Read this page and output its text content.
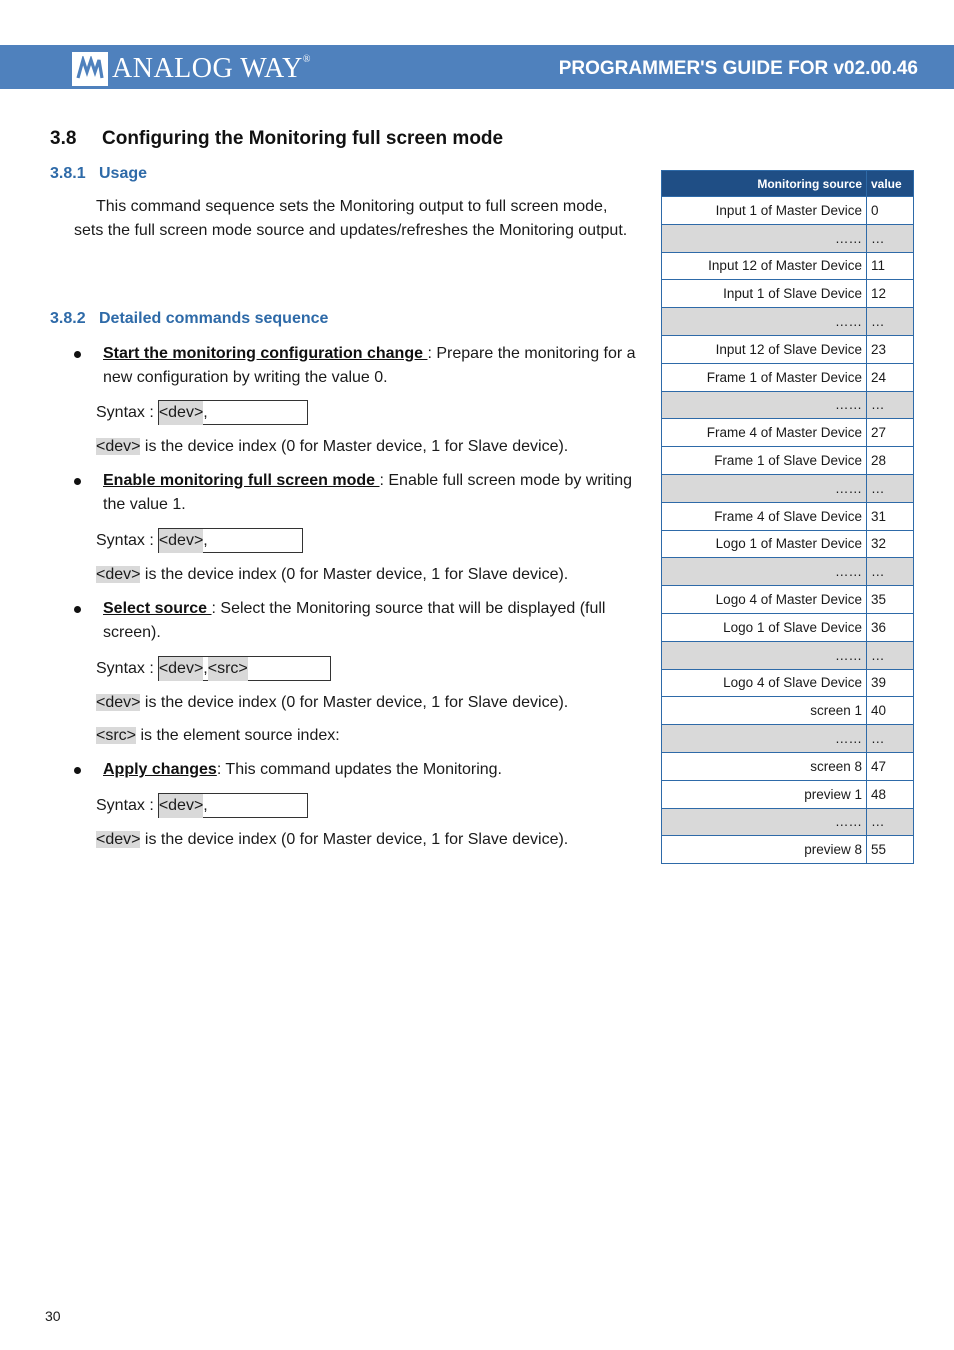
ANALOG WAY®	PROGRAMMER'S GUIDE FOR v02.00.46
3.8 Configuring the Monitoring full screen mode
3.8.1 Usage
This command sequence sets the Monitoring output to full screen mode, sets the full screen mode source and updates/refreshes the Monitoring output.
3.8.2 Detailed commands sequence
Start the monitoring configuration change : Prepare the monitoring for a new configuration by writing the value 0.
Syntax : <dev> ,
<dev> is the device index (0 for Master device, 1 for Slave device).
Enable monitoring full screen mode : Enable full screen mode by writing the value 1.
Syntax : <dev> ,
<dev> is the device index (0 for Master device, 1 for Slave device).
Select source : Select the Monitoring source that will be displayed (full screen).
Syntax : <dev> , <src>
<dev> is the device index (0 for Master device, 1 for Slave device).
<src> is the element source index:
Apply changes: This command updates the Monitoring.
Syntax : <dev> ,
<dev> is the device index (0 for Master device, 1 for Slave device).
Monitoring source	value
Input 1 of Master Device	0
……	…
Input 12 of Master Device	11
Input 1 of Slave Device	12
……	…
Input 12 of Slave Device	23
Frame 1 of Master Device	24
……	…
Frame 4 of Master Device	27
Frame 1 of Slave Device	28
……	…
Frame 4 of Slave Device	31
Logo 1 of Master Device	32
……	…
Logo 4 of Master Device	35
Logo 1 of Slave Device	36
……	…
Logo 4 of Slave Device	39
screen 1	40
……	…
screen 8	47
preview 1	48
……	…
preview 8	55
30
